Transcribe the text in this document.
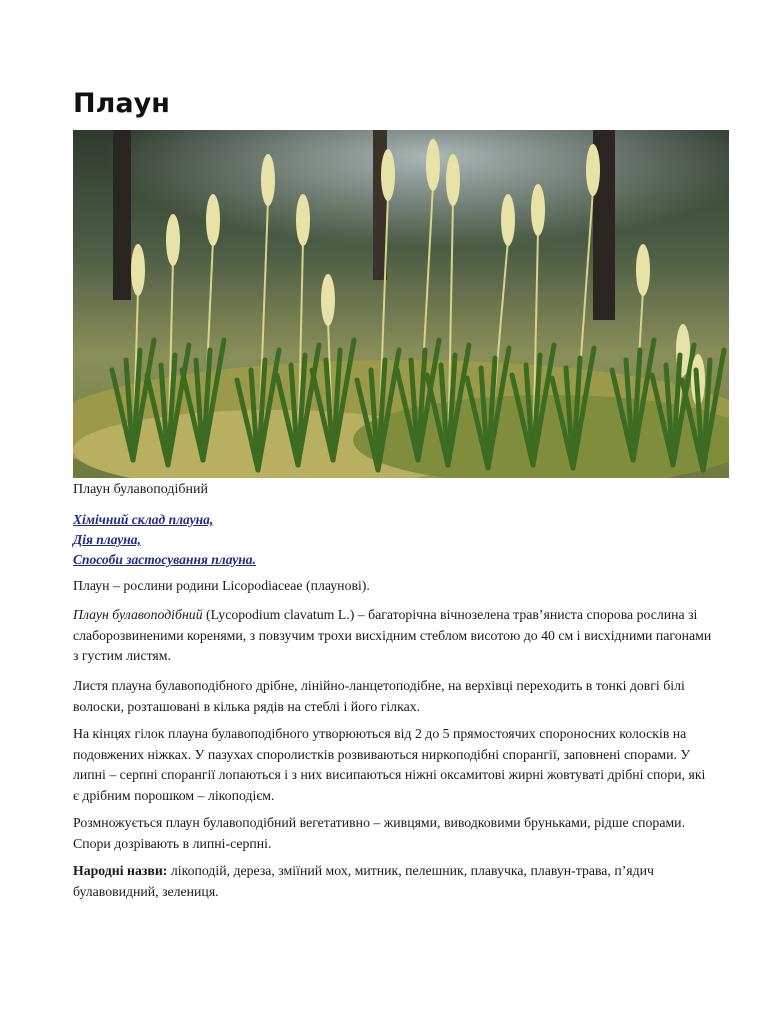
Плаун
Плаун булавоподібний
Хімічний склад плауна,
Дія плауна,
Способи застосування плауна.

Плаун – рослини родини Licopodiaceae (плаунові).

Плаун булавоподібний (Lycopodium clavatum L.) – багаторічна вічнозелена трав’яниста спорова рослина зі слаборозвиненими коренями, з повзучим трохи висхідним стеблом висотою до 40 см і висхідними пагонами з густим листям.

Листя плауна булавоподібного дрібне, лінійно-ланцетоподібне, на верхівці переходить в тонкі довгі білі волоски, розташовані в кілька рядів на стеблі і його гілках.

На кінцях гілок плауна булавоподібного утворюються від 2 до 5 прямостоячих спороносних колосків на подовжених ніжках. У пазухах споролистків розвиваються ниркоподібні спорангії, заповнені спорами. У липні – серпні спорангії лопаються і з них висипаються ніжні оксамитові жирні жовтуваті дрібні спори, які є дрібним порошком – лікоподієм.

Розмножується плаун булавоподібний вегетативно – живцями, виводковими бруньками, рідше спорами. Спори дозрівають в липні-серпні.

Народні назви: лікоподій, дереза, зміїний мох, митник, пелешник, плавучка, плавун-трава, п’ядич булавовидний, зелениця.
